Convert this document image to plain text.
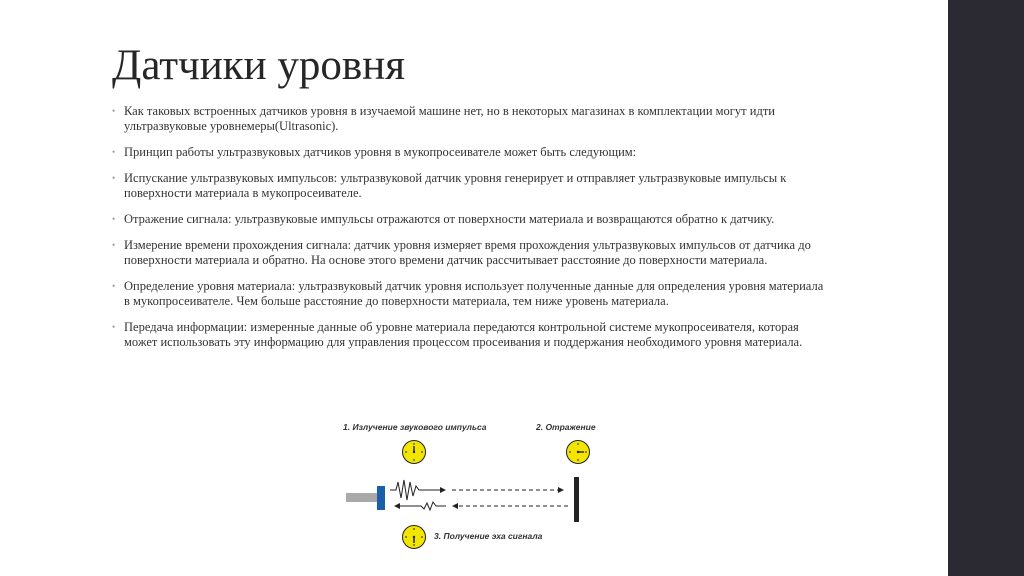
Датчики уровня
• Как таковых встроенных датчиков уровня в изучаемой машине нет, но в некоторых магазинах в комплектации могут идти ультразвуковые уровнемеры(Ultrasonic).
• Принцип работы ультразвуковых датчиков уровня в мукопросеивателе может быть следующим:
• Испускание ультразвуковых импульсов: ультразвуковой датчик уровня генерирует и отправляет ультразвуковые импульсы к поверхности материала в мукопросеивателе.
• Отражение сигнала: ультразвуковые импульсы отражаются от поверхности материала и возвращаются обратно к датчику.
• Измерение времени прохождения сигнала: датчик уровня измеряет время прохождения ультразвуковых импульсов от датчика до поверхности материала и обратно. На основе этого времени датчик рассчитывает расстояние до поверхности материала.
• Определение уровня материала: ультразвуковый датчик уровня использует полученные данные для определения уровня материала в мукопросеивателе. Чем больше расстояние до поверхности материала, тем ниже уровень материала.
• Передача информации: измеренные данные об уровне материала передаются контрольной системе мукопросеивателя, которая может использовать эту информацию для управления процессом просеивания и поддержания необходимого уровня материала.
1. Излучение звукового импульса	2. Отражение
3. Получение эха сигнала
